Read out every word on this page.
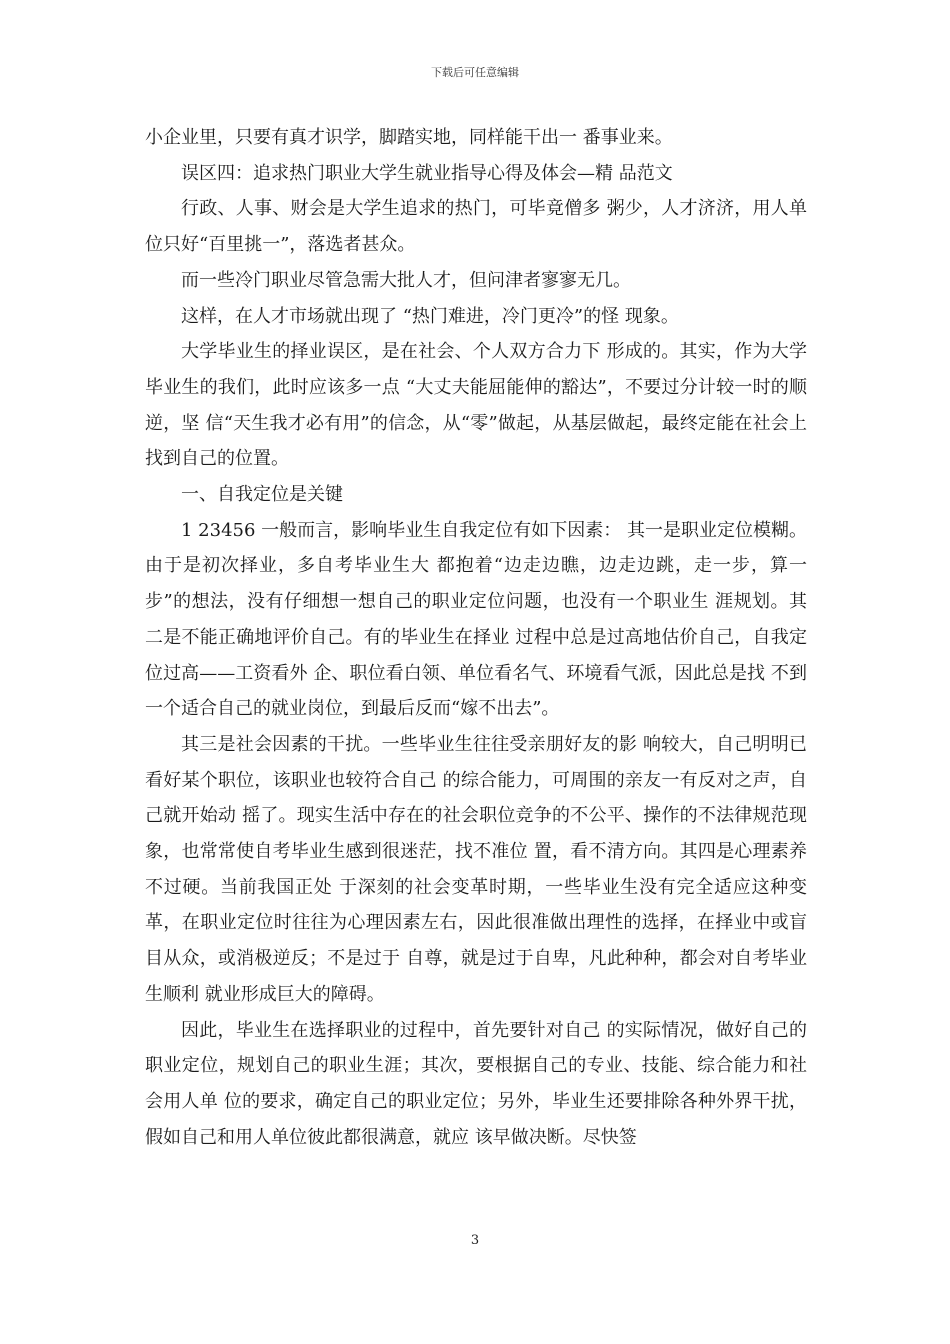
下载后可任意编辑

小企业里，只要有真才识学，脚踏实地，同样能干出一 番事业来。

误区四：追求热门职业大学生就业指导心得及体会—精 品范文

行政、人事、财会是大学生追求的热门，可毕竟僧多 粥少，人才济济，用人单位只好“百里挑一”，落选者甚众。

而一些冷门职业尽管急需大批人才，但问津者寥寥无几。

这样，在人才市场就出现了 “热门难进，冷门更冷”的怪 现象。

大学毕业生的择业误区，是在社会、个人双方合力下 形成的。其实，作为大学毕业生的我们，此时应该多一点 “大丈夫能屈能伸的豁达”，不要过分计较一时的顺逆，坚 信“天生我才必有用”的信念，从“零”做起，从基层做起，最终定能在社会上找到自己的位置。

一、自我定位是关键

1 23456 一般而言，影响毕业生自我定位有如下因素： 其一是职业定位模糊。由于是初次择业，多自考毕业生大 都抱着“边走边瞧，边走边跳，走一步，算一步”的想法，没有仔细想一想自己的职业定位问题，也没有一个职业生 涯规划。其二是不能正确地评价自己。有的毕业生在择业 过程中总是过高地估价自己，自我定位过高——工资看外 企、职位看白领、单位看名气、环境看气派，因此总是找 不到一个适合自己的就业岗位，到最后反而“嫁不出去”。

其三是社会因素的干扰。一些毕业生往往受亲朋好友的影 响较大，自己明明已看好某个职位，该职业也较符合自己 的综合能力，可周围的亲友一有反对之声，自己就开始动 摇了。现实生活中存在的社会职位竞争的不公平、操作的不法律规范现象，也常常使自考毕业生感到很迷茫，找不准位 置，看不清方向。其四是心理素养不过硬。当前我国正处 于深刻的社会变革时期，一些毕业生没有完全适应这种变 革，在职业定位时往往为心理因素左右，因此很准做出理性的选择，在择业中或盲目从众，或消极逆反；不是过于 自尊，就是过于自卑，凡此种种，都会对自考毕业生顺利 就业形成巨大的障碍。

因此，毕业生在选择职业的过程中，首先要针对自己 的实际情况，做好自己的职业定位，规划自己的职业生涯；其次，要根据自己的专业、技能、综合能力和社会用人单 位的要求，确定自己的职业定位；另外，毕业生还要排除各种外界干扰，假如自己和用人单位彼此都很满意，就应 该早做决断。尽快签

3
